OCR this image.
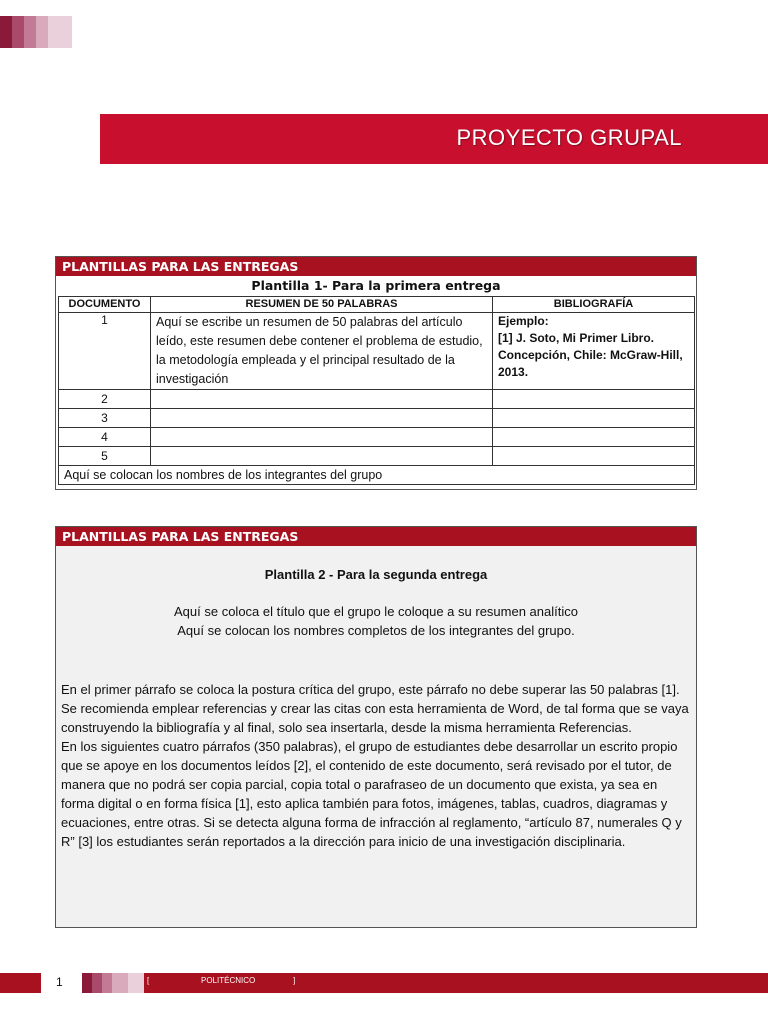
PROYECTO GRUPAL
PLANTILLAS PARA LAS ENTREGAS
Plantilla 1- Para la primera entrega
DOCUMENTO	RESUMEN DE 50 PALABRAS	BIBLIOGRAFÍA
1	Aquí se escribe un resumen de 50 palabras del artículo leído, este resumen debe contener el problema de estudio, la metodología empleada y el principal resultado de la investigación	Ejemplo:
[1] J. Soto, Mi Primer Libro. Concepción, Chile: McGraw-Hill, 2013.

2		
3		
4		
5		
Aquí se colocan los nombres de los integrantes del grupo		
PLANTILLAS PARA LAS ENTREGAS
Plantilla 2 - Para la segunda entrega
Aquí se coloca el título que el grupo le coloque a su resumen analítico
Aquí se colocan los nombres completos de los integrantes del grupo.
En el primer párrafo se coloca la postura crítica del grupo, este párrafo no debe superar las 50 palabras [1].
Se recomienda emplear referencias y crear las citas con esta herramienta de Word, de tal forma que se vaya construyendo la bibliografía y al final, solo sea insertarla, desde la misma herramienta Referencias.
En los siguientes cuatro párrafos (350 palabras), el grupo de estudiantes debe desarrollar un escrito propio que se apoye en los documentos leídos [2], el contenido de este documento, será revisado por el tutor, de manera que no podrá ser copia parcial, copia total o parafraseo de un documento que exista, ya sea en forma digital o en forma física [1], esto aplica también para fotos, imágenes, tablas, cuadros, diagramas y ecuaciones, entre otras. Si se detecta alguna forma de infracción al reglamento, “artículo 87, numerales Q y R” [3] los estudiantes serán reportados a la dirección para inicio de una investigación disciplinaria.
1	[	POLITÉCNICO	]
